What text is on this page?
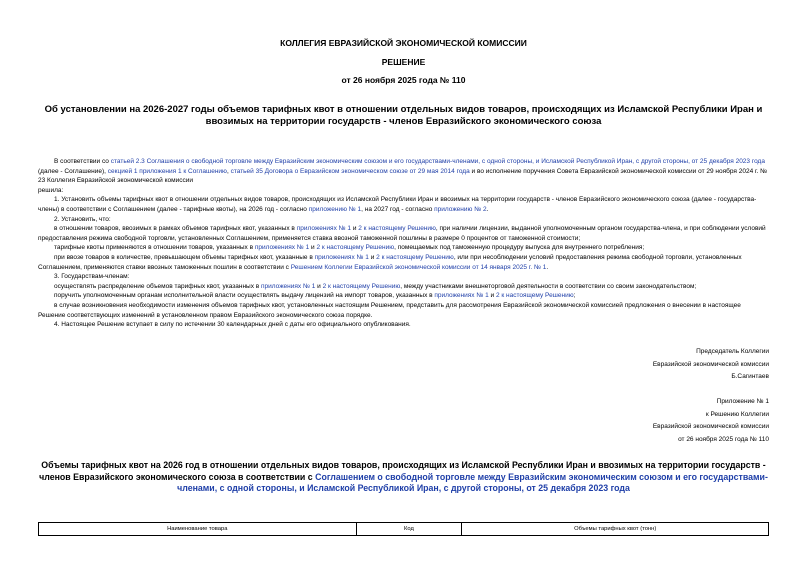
КОЛЛЕГИЯ ЕВРАЗИЙСКОЙ ЭКОНОМИЧЕСКОЙ КОМИССИИ
РЕШЕНИЕ
от 26 ноября 2025 года № 110
Об установлении на 2026-2027 годы объемов тарифных квот в отношении отдельных видов товаров, происходящих из Исламской Республики Иран и ввозимых на территории государств - членов Евразийского экономического союза

В соответствии со статьей 2.3 Соглашения о свободной торговле между Евразийским экономическим союзом и его государствами-членами, с одной стороны, и Исламской Республикой Иран, с другой стороны, от 25 декабря 2023 года (далее - Соглашение), секцией 1 приложения 1 к Соглашению, статьей 35 Договора о Евразийском экономическом союзе от 29 мая 2014 года и во исполнение поручения Совета Евразийской экономической комиссии от 29 ноября 2024 г. № 23 Коллегия Евразийской экономической комиссии

решила:

1. Установить объемы тарифных квот в отношении отдельных видов товаров, происходящих из Исламской Республики Иран и ввозимых на территории государств - членов Евразийского экономического союза (далее - государства-члены) в соответствии с Соглашением (далее - тарифные квоты), на 2026 год - согласно приложению № 1, на 2027 год - согласно приложению № 2.

2. Установить, что:

в отношении товаров, ввозимых в рамках объемов тарифных квот, указанных в приложениях № 1 и 2 к настоящему Решению, при наличии лицензии, выданной уполномоченным органом государства-члена, и при соблюдении условий предоставления режима свободной торговли, установленных Соглашением, применяется ставка ввозной таможенной пошлины в размере 0 процентов от таможенной стоимости;

тарифные квоты применяются в отношении товаров, указанных в приложениях № 1 и 2 к настоящему Решению, помещаемых под таможенную процедуру выпуска для внутреннего потребления;

при ввозе товаров в количестве, превышающем объемы тарифных квот, указанные в приложениях № 1 и 2 к настоящему Решению, или при несоблюдении условий предоставления режима свободной торговли, установленных Соглашением, применяются ставки ввозных таможенных пошлин в соответствии с Решением Коллегии Евразийской экономической комиссии от 14 января 2025 г. № 1.

3. Государствам-членам:

осуществлять распределение объемов тарифных квот, указанных в приложениях № 1 и 2 к настоящему Решению, между участниками внешнеторговой деятельности в соответствии со своим законодательством;

поручить уполномоченным органам исполнительной власти осуществлять выдачу лицензий на импорт товаров, указанных в приложениях № 1 и 2 к настоящему Решению;

в случае возникновения необходимости изменения объемов тарифных квот, установленных настоящим Решением, представить для рассмотрения Евразийской экономической комиссией предложения о внесении в настоящее Решение соответствующих изменений в установленном правом Евразийского экономического союза порядке.

4. Настоящее Решение вступает в силу по истечении 30 календарных дней с даты его официального опубликования.

Председатель Коллегии
Евразийской экономической комиссии
Б.Сагинтаев
Приложение № 1
к Решению Коллегии
Евразийской экономической комиссии
от 26 ноября 2025 года № 110
Объемы тарифных квот на 2026 год в отношении отдельных видов товаров, происходящих из Исламской Республики Иран и ввозимых на территории государств - членов Евразийского экономического союза в соответствии с Соглашением о свободной торговле между Евразийским экономическим союзом и его государствами-членами, с одной стороны, и Исламской Республикой Иран, с другой стороны, от 25 декабря 2023 года
Наименование товара	Код	Объемы тарифных квот (тонн)
